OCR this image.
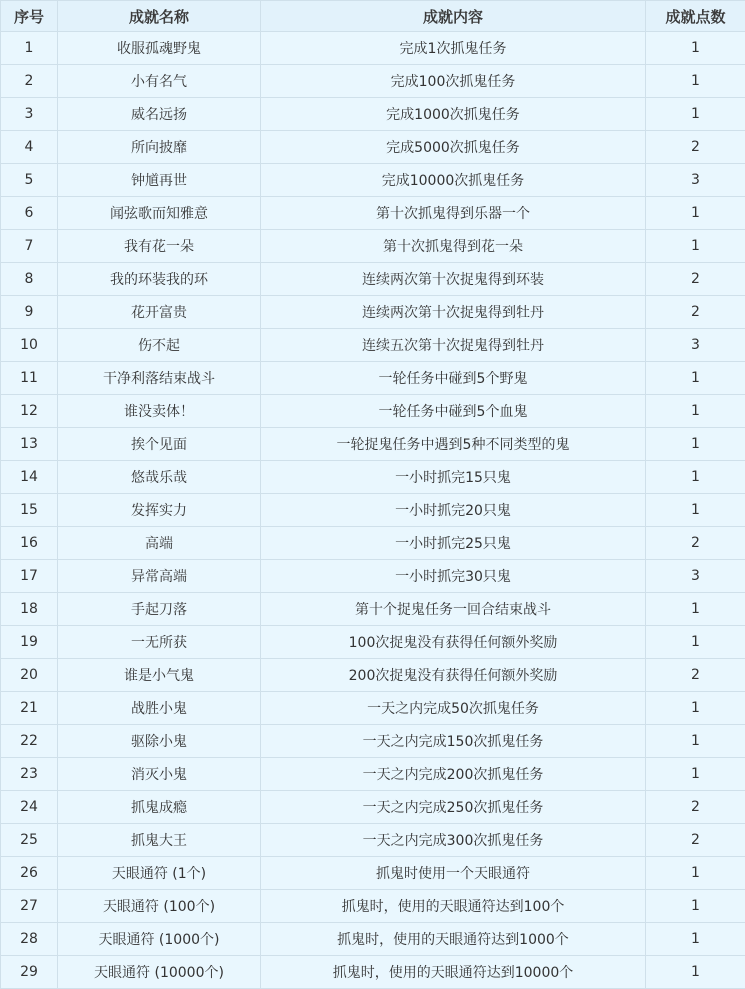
序号	成就名称	成就内容	成就点数
1	收服孤魂野鬼	完成1次抓鬼任务	1
2	小有名气	完成100次抓鬼任务	1
3	威名远扬	完成1000次抓鬼任务	1
4	所向披靡	完成5000次抓鬼任务	2
5	钟馗再世	完成10000次抓鬼任务	3
6	闻弦歌而知雅意	第十次抓鬼得到乐器一个	1
7	我有花一朵	第十次抓鬼得到花一朵	1
8	我的环装我的环	连续两次第十次捉鬼得到环装	2
9	花开富贵	连续两次第十次捉鬼得到牡丹	2
10	伤不起	连续五次第十次捉鬼得到牡丹	3
11	干净利落结束战斗	一轮任务中碰到5个野鬼	1
12	谁没卖体！	一轮任务中碰到5个血鬼	1
13	挨个见面	一轮捉鬼任务中遇到5种不同类型的鬼	1
14	悠哉乐哉	一小时抓完15只鬼	1
15	发挥实力	一小时抓完20只鬼	1
16	高端	一小时抓完25只鬼	2
17	异常高端	一小时抓完30只鬼	3
18	手起刀落	第十个捉鬼任务一回合结束战斗	1
19	一无所获	100次捉鬼没有获得任何额外奖励	1
20	谁是小气鬼	200次捉鬼没有获得任何额外奖励	2
21	战胜小鬼	一天之内完成50次抓鬼任务	1
22	驱除小鬼	一天之内完成150次抓鬼任务	1
23	消灭小鬼	一天之内完成200次抓鬼任务	1
24	抓鬼成瘾	一天之内完成250次抓鬼任务	2
25	抓鬼大王	一天之内完成300次抓鬼任务	2
26	天眼通符 (1个)	抓鬼时使用一个天眼通符	1
27	天眼通符 (100个)	抓鬼时，使用的天眼通符达到100个	1
28	天眼通符 (1000个)	抓鬼时，使用的天眼通符达到1000个	1
29	天眼通符 (10000个)	抓鬼时，使用的天眼通符达到10000个	1
